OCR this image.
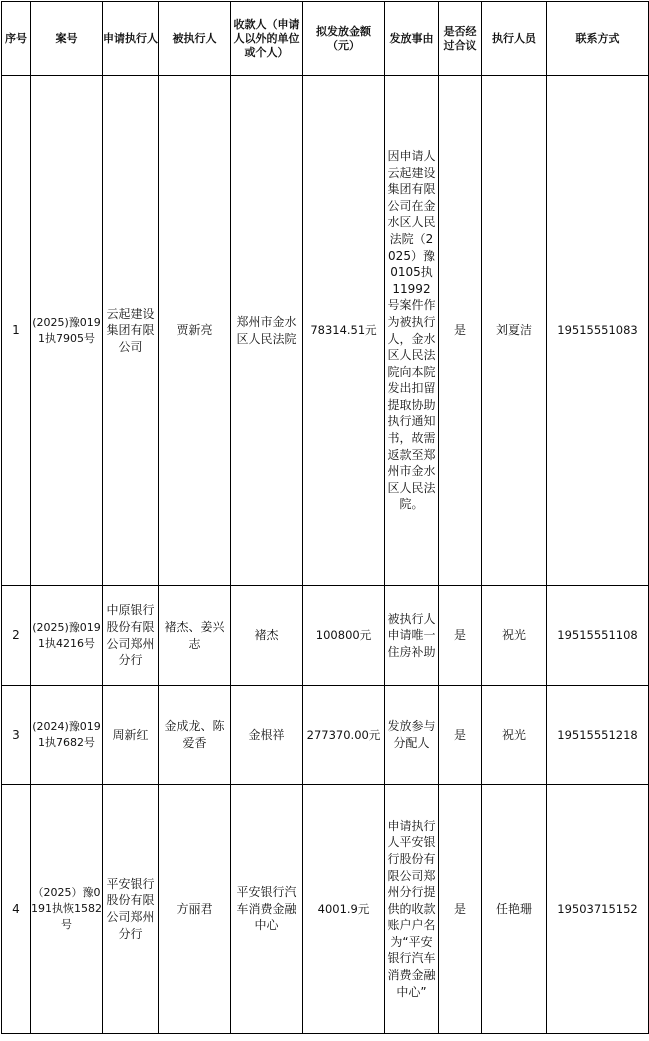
序号	案号	申请执行人	被执行人	收款人（申请人以外的单位或个人）	拟发放金额（元）	发放事由	是否经过合议	执行人员	联系方式
1	(2025)豫0191执7905号	云起建设集团有限公司	贾新亮	郑州市金水区人民法院	78314.51元	因申请人云起建设集团有限公司在金水区人民法院（2025）豫0105执11992号案件作为被执行人，金水区人民法院向本院发出扣留提取协助执行通知书，故需返款至郑州市金水区人民法院。	是	刘夏洁	19515551083
2	(2025)豫0191执4216号	中原银行股份有限公司郑州分行	褚杰、姜兴志	褚杰	100800元	被执行人申请唯一住房补助	是	祝光	19515551108
3	(2024)豫0191执7682号	周新红	金成龙、陈爱香	金根祥	277370.00元	发放参与分配人	是	祝光	19515551218
4	（2025）豫0191执恢1582号	平安银行股份有限公司郑州分行	方丽君	平安银行汽车消费金融中心	4001.9元	申请执行人平安银行股份有限公司郑州分行提供的收款账户户名为“平安银行汽车消费金融中心”	是	任艳珊	19503715152
